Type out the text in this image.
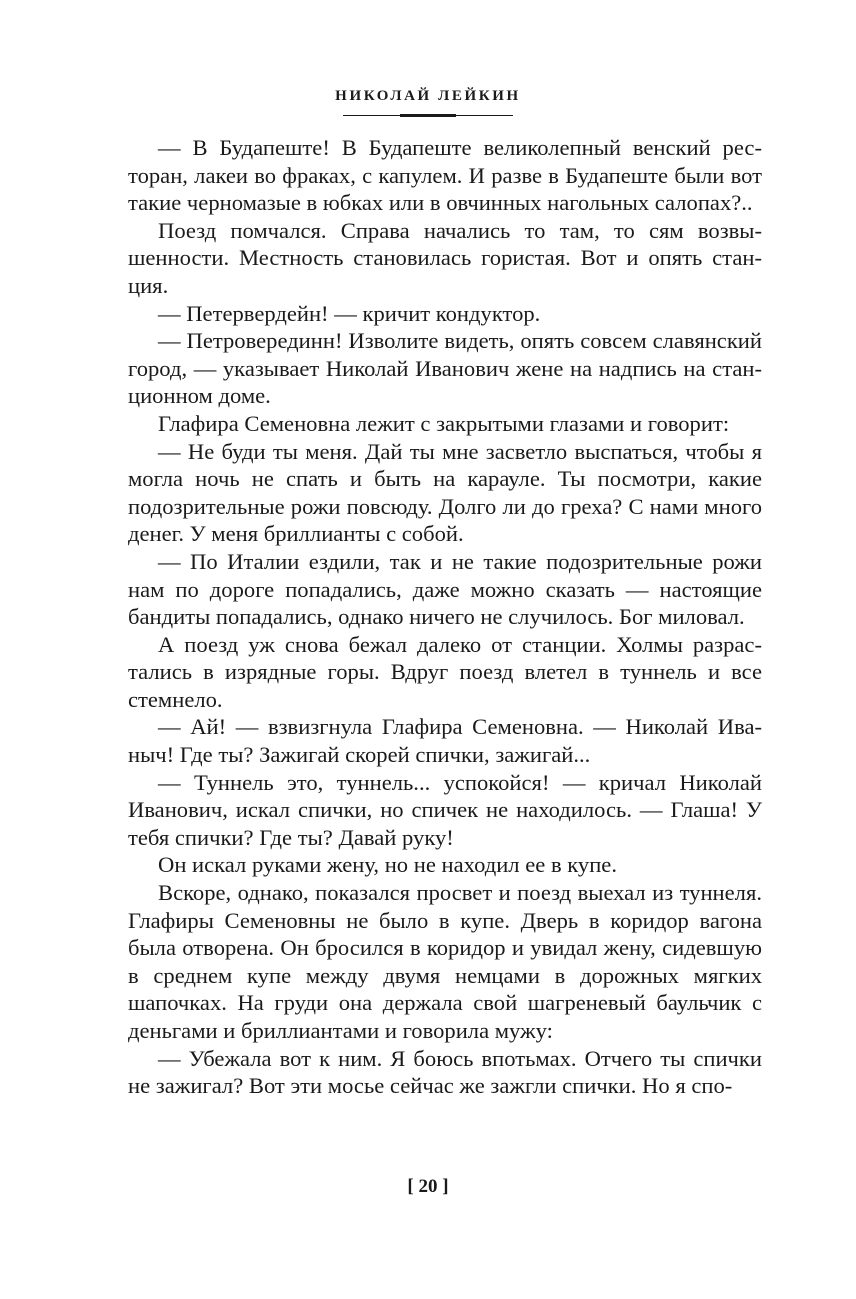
НИКОЛАЙ ЛЕЙКИН

— В Будапеште! В Будапеште великолепный венский ресторан, лакеи во фраках, с капулем. И разве в Будапеште были вот такие черномазые в юбках или в овчинных нагольных салопах?..

Поезд помчался. Справа начались то там, то сям возвышенности. Местность становилась гористая. Вот и опять станция.

— Петервердейн! — кричит кондуктор.

— Петроверединн! Изволите видеть, опять совсем славянский город, — указывает Николай Иванович жене на надпись на станционном доме.

Глафира Семеновна лежит с закрытыми глазами и говорит:

— Не буди ты меня. Дай ты мне засветло выспаться, чтобы я могла ночь не спать и быть на карауле. Ты посмотри, какие подозрительные рожи повсюду. Долго ли до греха? С нами много денег. У меня бриллианты с собой.

— По Италии ездили, так и не такие подозрительные рожи нам по дороге попадались, даже можно сказать — настоящие бандиты попадались, однако ничего не случилось. Бог миловал.

А поезд уж снова бежал далеко от станции. Холмы разрастались в изрядные горы. Вдруг поезд влетел в туннель и все стемнело.

— Ай! — взвизгнула Глафира Семеновна. — Николай Иваныч! Где ты? Зажигай скорей спички, зажигай...

— Туннель это, туннель... успокойся! — кричал Николай Иванович, искал спички, но спичек не находилось. — Глаша! У тебя спички? Где ты? Давай руку!

Он искал руками жену, но не находил ее в купе.

Вскоре, однако, показался просвет и поезд выехал из туннеля. Глафиры Семеновны не было в купе. Дверь в коридор вагона была отворена. Он бросился в коридор и увидал жену, сидевшую в среднем купе между двумя немцами в дорожных мягких шапочках. На груди она держала свой шагреневый баульчик с деньгами и бриллиантами и говорила мужу:

— Убежала вот к ним. Я боюсь впотьмах. Отчего ты спички не зажигал? Вот эти мосье сейчас же зажгли спички. Но я спо-

[ 20 ]
